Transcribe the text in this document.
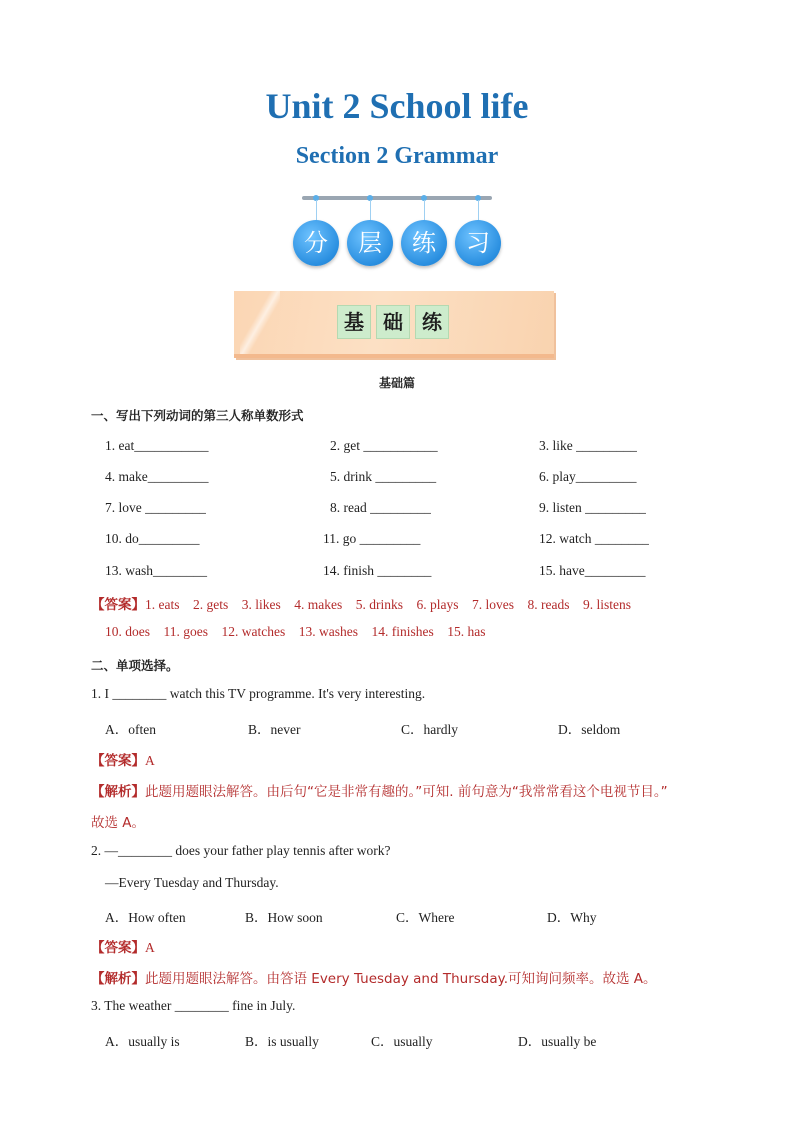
Unit 2 School life
Section 2 Grammar
分	层	练	习
基 础 练
基础篇
一、写出下列动词的第三人称单数形式
1. eat___________	2. get ___________	3. like _________
4. make_________	5. drink _________	6. play_________
7. love _________	8. read _________	9. listen _________
10. do_________	11. go _________	12. watch ________
13. wash________	14. finish ________	15. have_________
【答案】1. eats    2. gets    3. likes    4. makes    5. drinks    6. plays    7. loves    8. reads    9. listens
10. does    11. goes    12. watches    13. washes    14. finishes    15. has
二、单项选择。
1. I ________ watch this TV programme. It's very interesting.
A．often	B．never	C．hardly	D．seldom
【答案】A
【解析】此题用题眼法解答。由后句“它是非常有趣的。”可知. 前句意为“我常常看这个电视节目。”
故选 A。
2. —________ does your father play tennis after work?
—Every Tuesday and Thursday.
A．How often	B．How soon	C．Where	D．Why
【答案】A
【解析】此题用题眼法解答。由答语 Every Tuesday and Thursday.可知询问频率。故选 A。
3. The weather ________ fine in July.
A．usually is	B．is usually	C．usually	D．usually be
